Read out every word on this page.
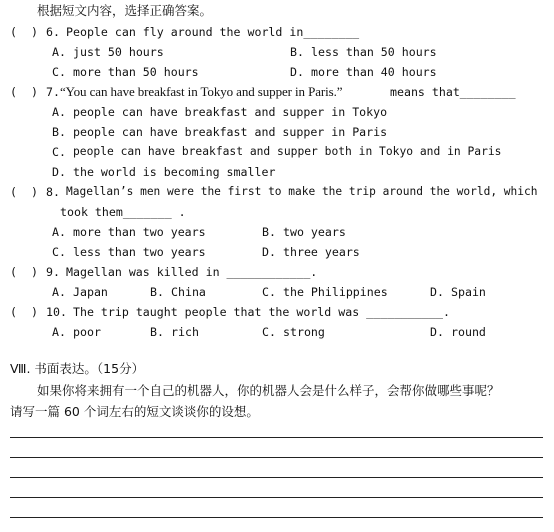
根据短文内容，选择正确答案。
(  ) 6. People can fly around the world in________
A. just 50 hours	B. less than 50 hours
C. more than 50 hours	D. more than 40 hours
(  ) 7. “You can have breakfast in Tokyo and supper in Paris.”	means that________
A. people can have breakfast and supper in Tokyo
B. people can have breakfast and supper in Paris
C. people can have breakfast and supper both in Tokyo and in Paris
D. the world is becoming smaller
(  ) 8. Magellan’s men were the first to make the trip around the world, which
took them_______ .
A. more than two years	B. two years
C. less than two years	D. three years
(  ) 9. Magellan was killed in ____________.
A. Japan	B. China	C. the Philippines	D. Spain
(  ) 10. The trip taught people that the world was ___________.
A. poor	B. rich	C. strong	D. round
Ⅷ. 书面表达。（15分）
如果你将来拥有一个自己的机器人，你的机器人会是什么样子，会帮你做哪些事呢？
请写一篇 60 个词左右的短文谈谈你的设想。
